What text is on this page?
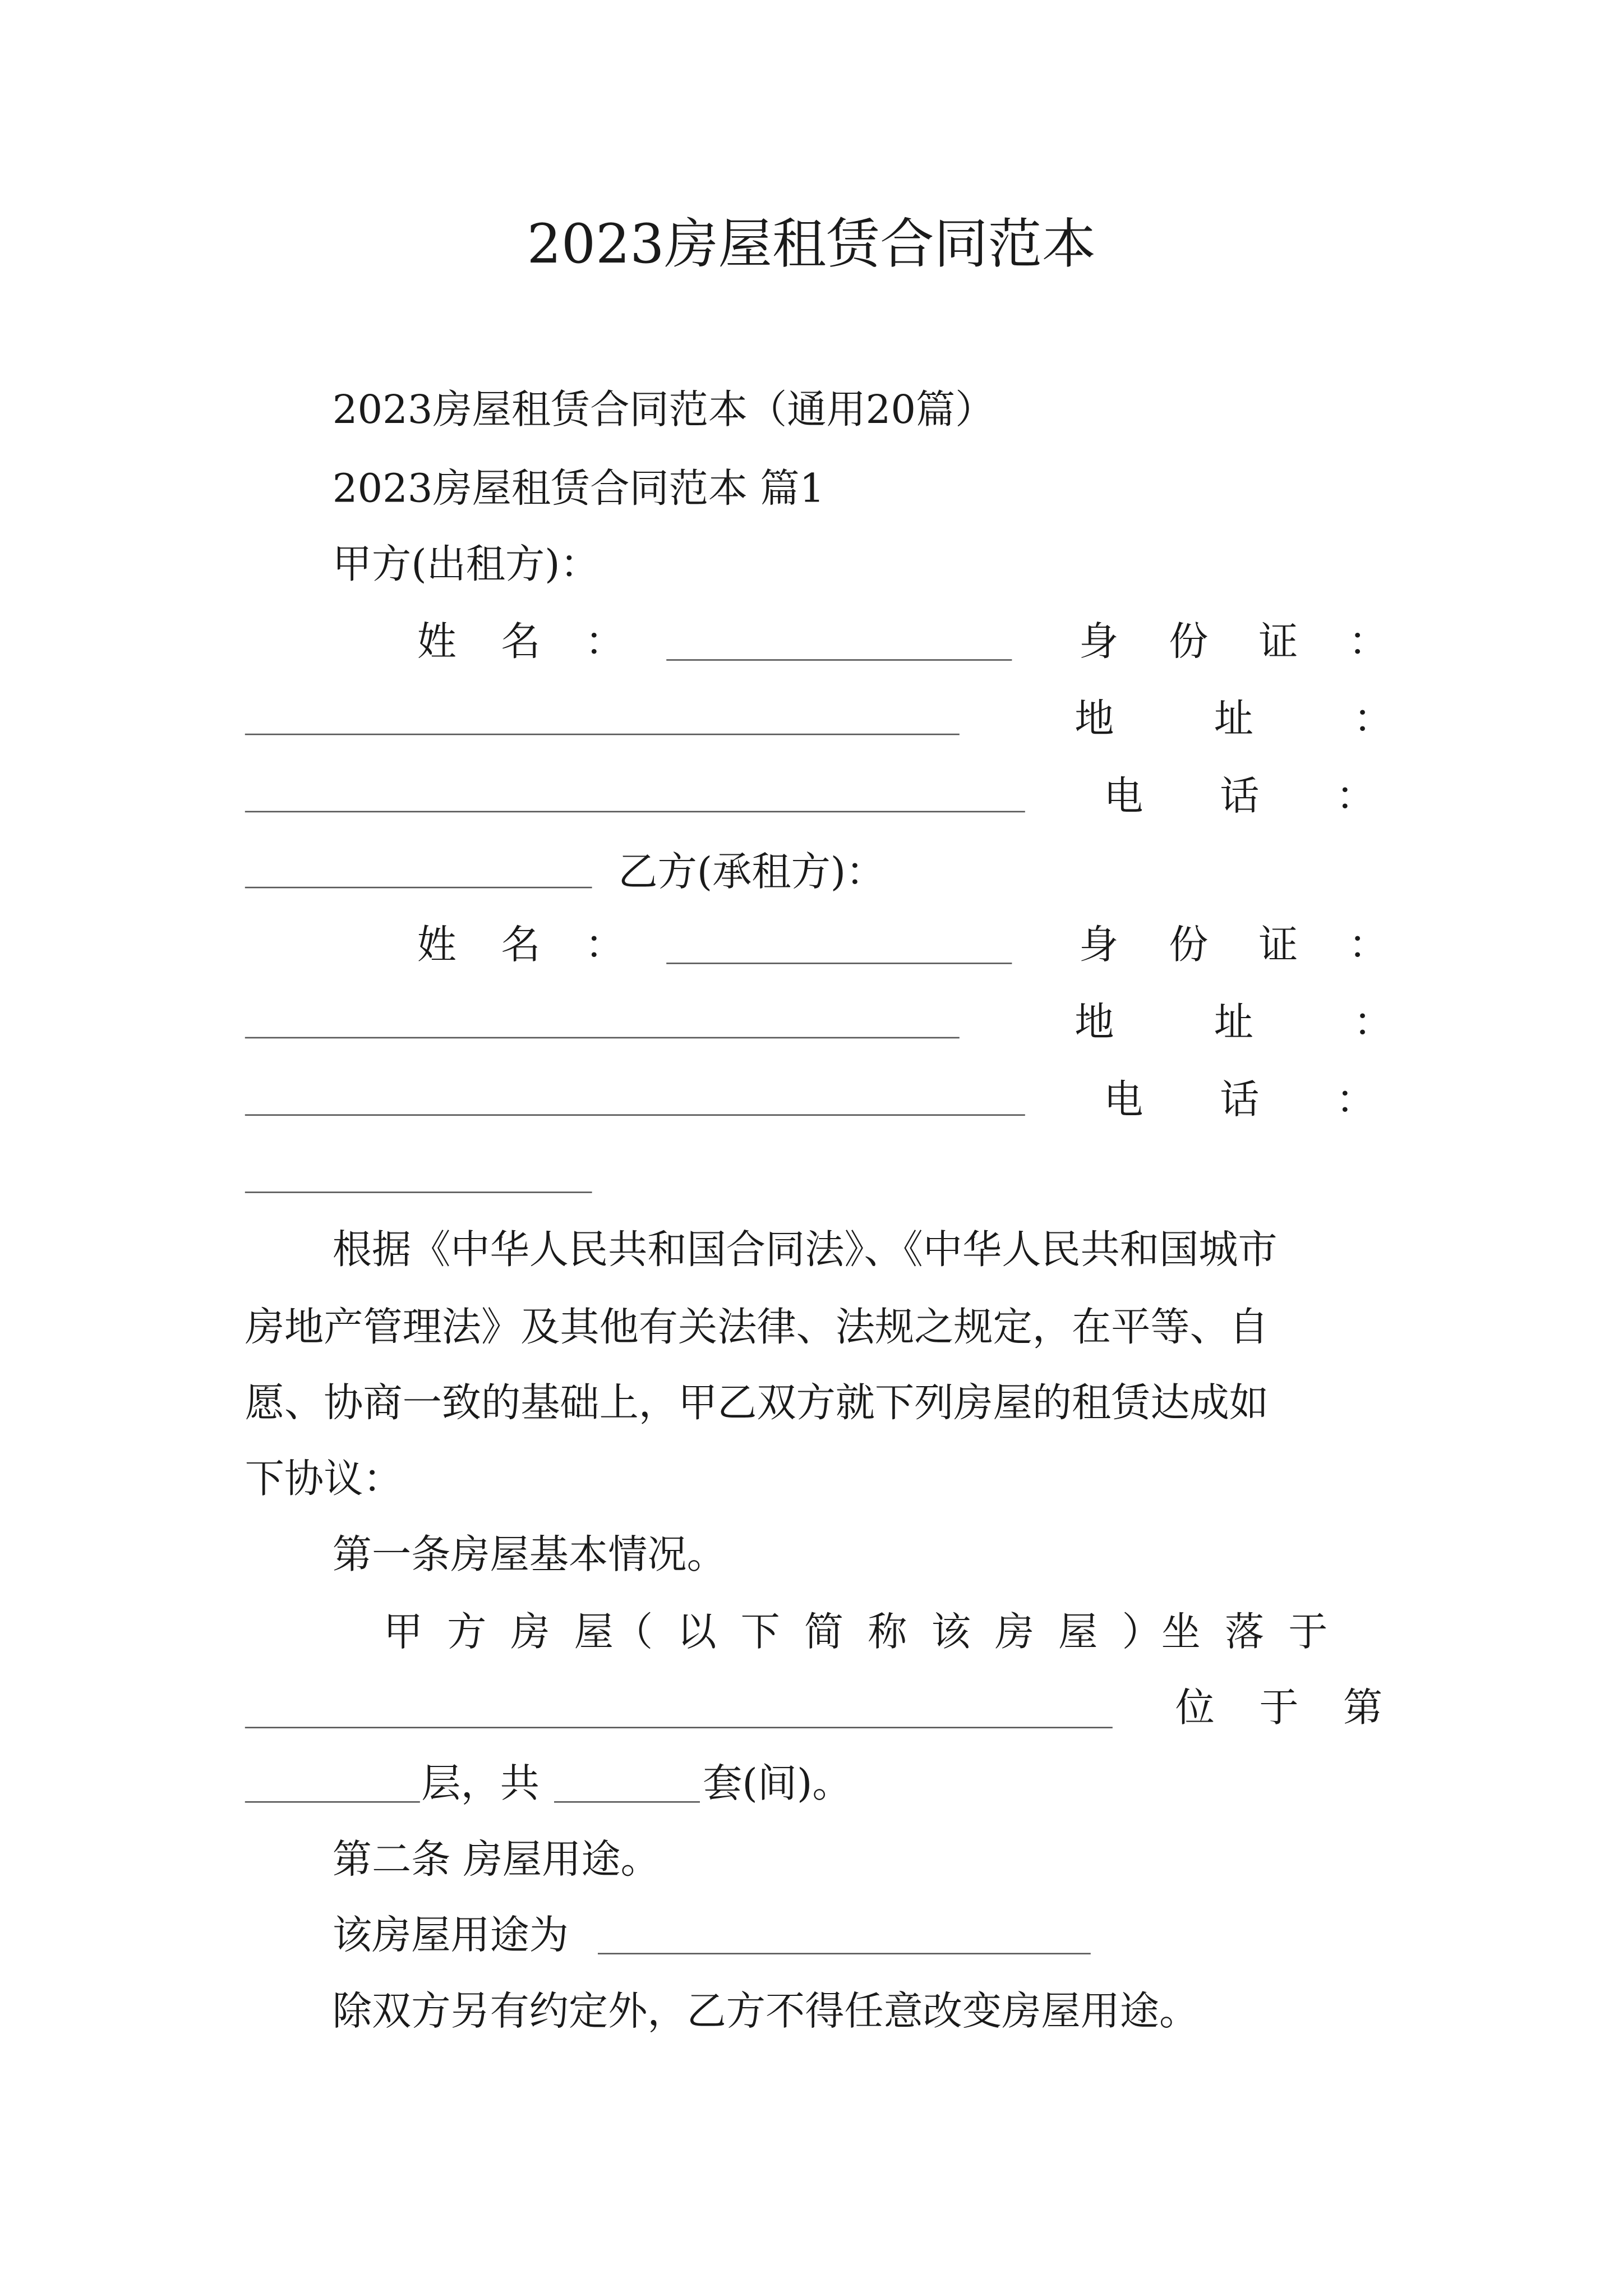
2023房屋租赁合同范本
2023房屋租赁合同范本（通用20篇）
2023房屋租赁合同范本 篇1
甲方(出租方)：
姓 名 ：	身 份 证 ：
地 址 ：
电 话 ：
乙方(承租方)：
姓 名 ：	身 份 证 ：
地 址 ：
电 话 ：
根据《中华人民共和国合同法》、《中华人民共和国城市
房地产管理法》及其他有关法律、法规之规定，在平等、自
愿、协商一致的基础上，甲乙双方就下列房屋的租赁达成如
下协议：
第一条房屋基本情况。
甲 方 房 屋（ 以 下 简 称 该 房 屋 ）坐 落 于
位 于 第
层，共	套(间)。
第二条 房屋用途。
该房屋用途为
除双方另有约定外，乙方不得任意改变房屋用途。
